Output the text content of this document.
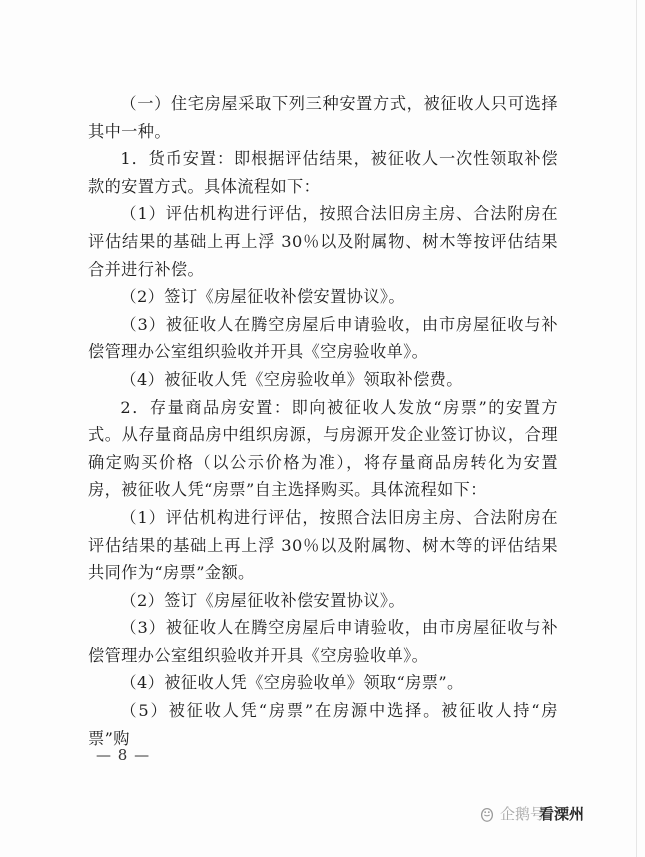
（一）住宅房屋采取下列三种安置方式，被征收人只可选择其中一种。

1．货币安置：即根据评估结果，被征收人一次性领取补偿款的安置方式。具体流程如下：

（1）评估机构进行评估，按照合法旧房主房、合法附房在评估结果的基础上再上浮 30％以及附属物、树木等按评估结果合并进行补偿。

（2）签订《房屋征收补偿安置协议》。

（3）被征收人在腾空房屋后申请验收，由市房屋征收与补偿管理办公室组织验收并开具《空房验收单》。

（4）被征收人凭《空房验收单》领取补偿费。

2．存量商品房安置：即向被征收人发放“房票”的安置方式。从存量商品房中组织房源，与房源开发企业签订协议，合理确定购买价格（以公示价格为准），将存量商品房转化为安置房，被征收人凭“房票”自主选择购买。具体流程如下：

（1）评估机构进行评估，按照合法旧房主房、合法附房在评估结果的基础上再上浮 30％以及附属物、树木等的评估结果共同作为“房票”金额。

（2）签订《房屋征收补偿安置协议》。

（3）被征收人在腾空房屋后申请验收，由市房屋征收与补偿管理办公室组织验收并开具《空房验收单》。

（4）被征收人凭《空房验收单》领取“房票”。

（5）被征收人凭“房票”在房源中选择。被征收人持“房票”购

— 8 —
企鹅号
看溧州
